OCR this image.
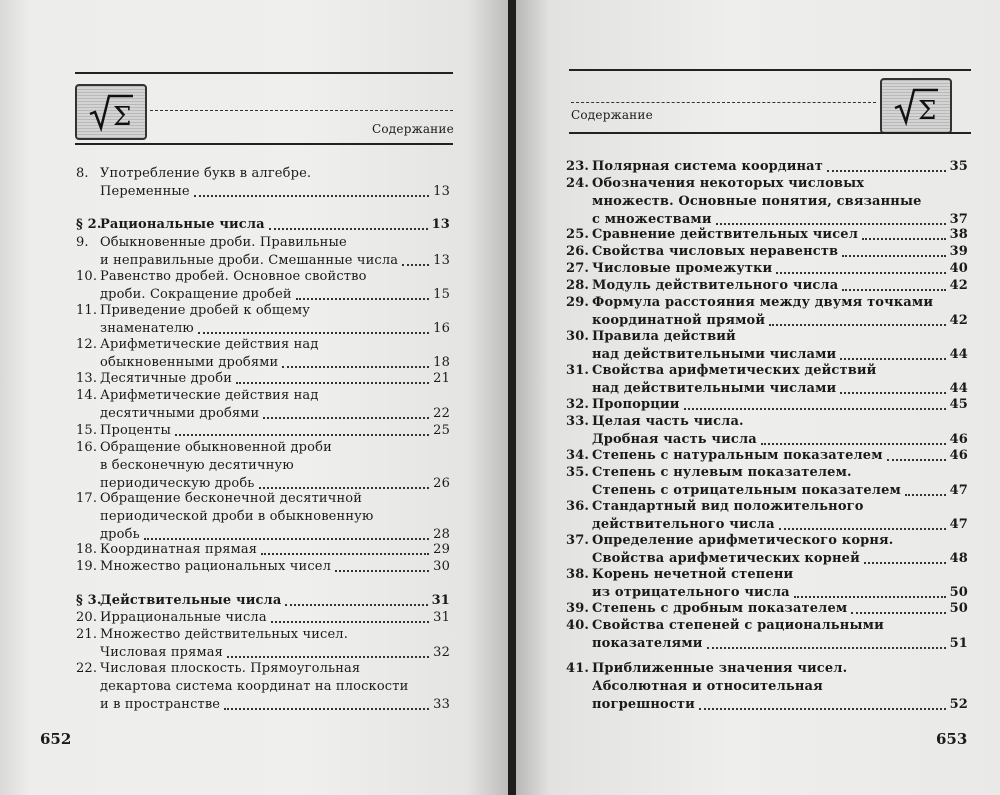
Σ	Содержание
8. Употребление букв в алгебре.
Переменные	13
§ 2.
Рациональные числа	13
9. Обыкновенные дроби. Правильные
и неправильные дроби. Смешанные числа	13
10. Равенство дробей. Основное свойство
дроби. Сокращение дробей	15
11. Приведение дробей к общему
знаменателю	16
12. Арифметические действия над
обыкновенными дробями	18
13. Десятичные дроби	21
14. Арифметические действия над
десятичными дробями	22
15. Проценты	25
16. Обращение обыкновенной дроби
в бесконечную десятичную
периодическую дробь	26
17. Обращение бесконечной десятичной
периодической дроби в обыкновенную
дробь	28
18. Координатная прямая	29
19. Множество рациональных чисел	30
§ 3.
Действительные числа	31
20. Иррациональные числа	31
21. Множество действительных чисел.
Числовая прямая	32
22. Числовая плоскость. Прямоугольная
декартова система координат на плоскости
и в пространстве	33
652
Σ
Содержание
23. Полярная система координат	35
24. Обозначения некоторых числовых
множеств. Основные понятия, связанные
с множествами	37
25. Сравнение действительных чисел	38
26. Свойства числовых неравенств	39
27. Числовые промежутки	40
28. Модуль действительного числа	42
29. Формула расстояния между двумя точками
координатной прямой	42
30. Правила действий
над действительными числами	44
31. Свойства арифметических действий
над действительными числами	44
32. Пропорции	45
33. Целая часть числа.
Дробная часть числа	46
34. Степень с натуральным показателем	46
35. Степень с нулевым показателем.
Степень с отрицательным показателем	47
36. Стандартный вид положительного
действительного числа	47
37. Определение арифметического корня.
Свойства арифметических корней	48
38. Корень нечетной степени
из отрицательного числа	50
39. Степень с дробным показателем	50
40. Свойства степеней с рациональными
показателями	51
41. Приближенные значения чисел.
Абсолютная и относительная
погрешности	52
653
